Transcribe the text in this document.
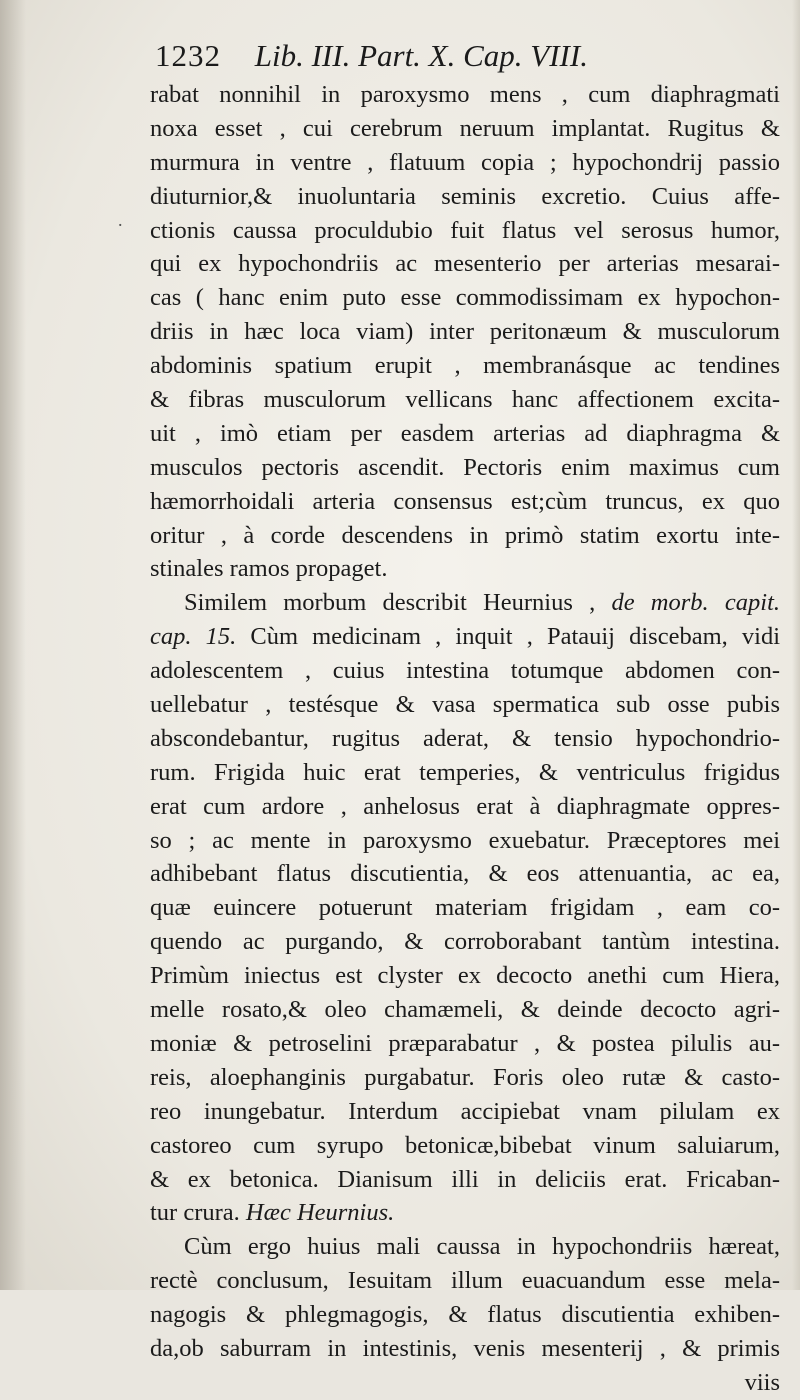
1232 Lib. III. Part. X. Cap. VIII.
rabat nonnihil in paroxysmo mens , cum diaphragmati
noxa esset , cui cerebrum neruum implantat. Rugitus &
murmura in ventre , flatuum copia ; hypochondrij passio
diuturnior,& inuoluntaria seminis excretio. Cuius affe-
ctionis caussa proculdubio fuit flatus vel serosus humor,
qui ex hypochondriis ac mesenterio per arterias mesarai-
cas ( hanc enim puto esse commodissimam ex hypochon-
driis in hæc loca viam) inter peritonæum & musculorum
abdominis spatium erupit , membranásque ac tendines
& fibras musculorum vellicans hanc affectionem excita-
uit , imò etiam per easdem arterias ad diaphragma &
musculos pectoris ascendit. Pectoris enim maximus cum
hæmorrhoidali arteria consensus est;cùm truncus, ex quo
oritur , à corde descendens in primò statim exortu inte-
stinales ramos propaget.
Similem morbum describit Heurnius , de morb. capit.
cap. 15. Cùm medicinam , inquit , Patauij discebam, vidi
adolescentem , cuius intestina totumque abdomen con-
uellebatur , testésque & vasa spermatica sub osse pubis
abscondebantur, rugitus aderat, & tensio hypochondrio-
rum. Frigida huic erat temperies, & ventriculus frigidus
erat cum ardore , anhelosus erat à diaphragmate oppres-
so ; ac mente in paroxysmo exuebatur. Præceptores mei
adhibebant flatus discutientia, & eos attenuantia, ac ea,
quæ euincere potuerunt materiam frigidam , eam co-
quendo ac purgando, & corroborabant tantùm intestina.
Primùm iniectus est clyster ex decocto anethi cum Hiera,
melle rosato,& oleo chamæmeli, & deinde decocto agri-
moniæ & petroselini præparabatur , & postea pilulis au-
reis, aloephanginis purgabatur. Foris oleo rutæ & casto-
reo inungebatur. Interdum accipiebat vnam pilulam ex
castoreo cum syrupo betonicæ,bibebat vinum saluiarum,
& ex betonica. Dianisum illi in deliciis erat. Fricaban-
tur crura. Hæc Heurnius.
Cùm ergo huius mali caussa in hypochondriis hæreat,
rectè conclusum, Iesuitam illum euacuandum esse mela-
nagogis & phlegmagogis, & flatus discutientia exhiben-
da,ob saburram in intestinis, venis mesenterij , & primis
viis
.
